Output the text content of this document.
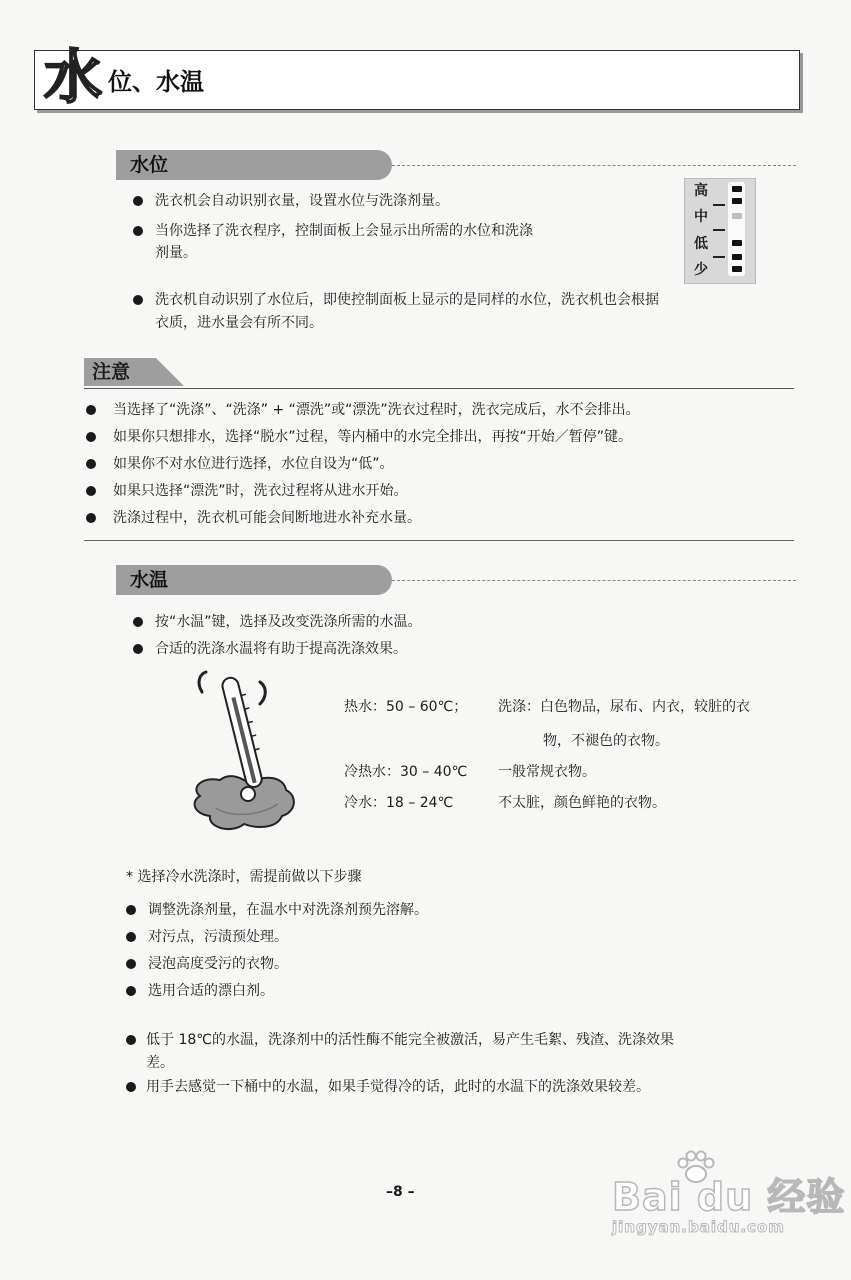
水 位、水温
水位
洗衣机会自动识别衣量，设置水位与洗涤剂量。
当你选择了洗衣程序，控制面板上会显示出所需的水位和洗涤
剂量。
洗衣机自动识别了水位后，即使控制面板上显示的是同样的水位，洗衣机也会根据
衣质，进水量会有所不同。
高
中
低
少
注意
当选择了“洗涤”、“洗涤” + “漂洗”或“漂洗”洗衣过程时，洗衣完成后，水不会排出。
如果你只想排水，选择“脱水”过程，等内桶中的水完全排出，再按“开始／暂停”键。
如果你不对水位进行选择，水位自设为“低”。
如果只选择“漂洗”时，洗衣过程将从进水开始。
洗涤过程中，洗衣机可能会间断地进水补充水量。
水温
按“水温”键，选择及改变洗涤所需的水温。
合适的洗涤水温将有助于提高洗涤效果。
热水：50 – 60℃； 洗涤：白色物品，尿布、内衣，较脏的衣
物，不褪色的衣物。
冷热水：30 – 40℃ 一般常规衣物。
冷水：18 – 24℃	不太脏，颜色鲜艳的衣物。
* 选择冷水洗涤时，需提前做以下步骤
调整洗涤剂量，在温水中对洗涤剂预先溶解。
对污点，污渍预处理。
浸泡高度受污的衣物。
选用合适的漂白剂。
低于 18℃的水温，洗涤剂中的活性酶不能完全被激活，易产生毛絮、残渣、洗涤效果
差。
用手去感觉一下桶中的水温，如果手觉得冷的话，此时的水温下的洗涤效果较差。
–8 –	Bai du 经验
jingyan.baidu.com
